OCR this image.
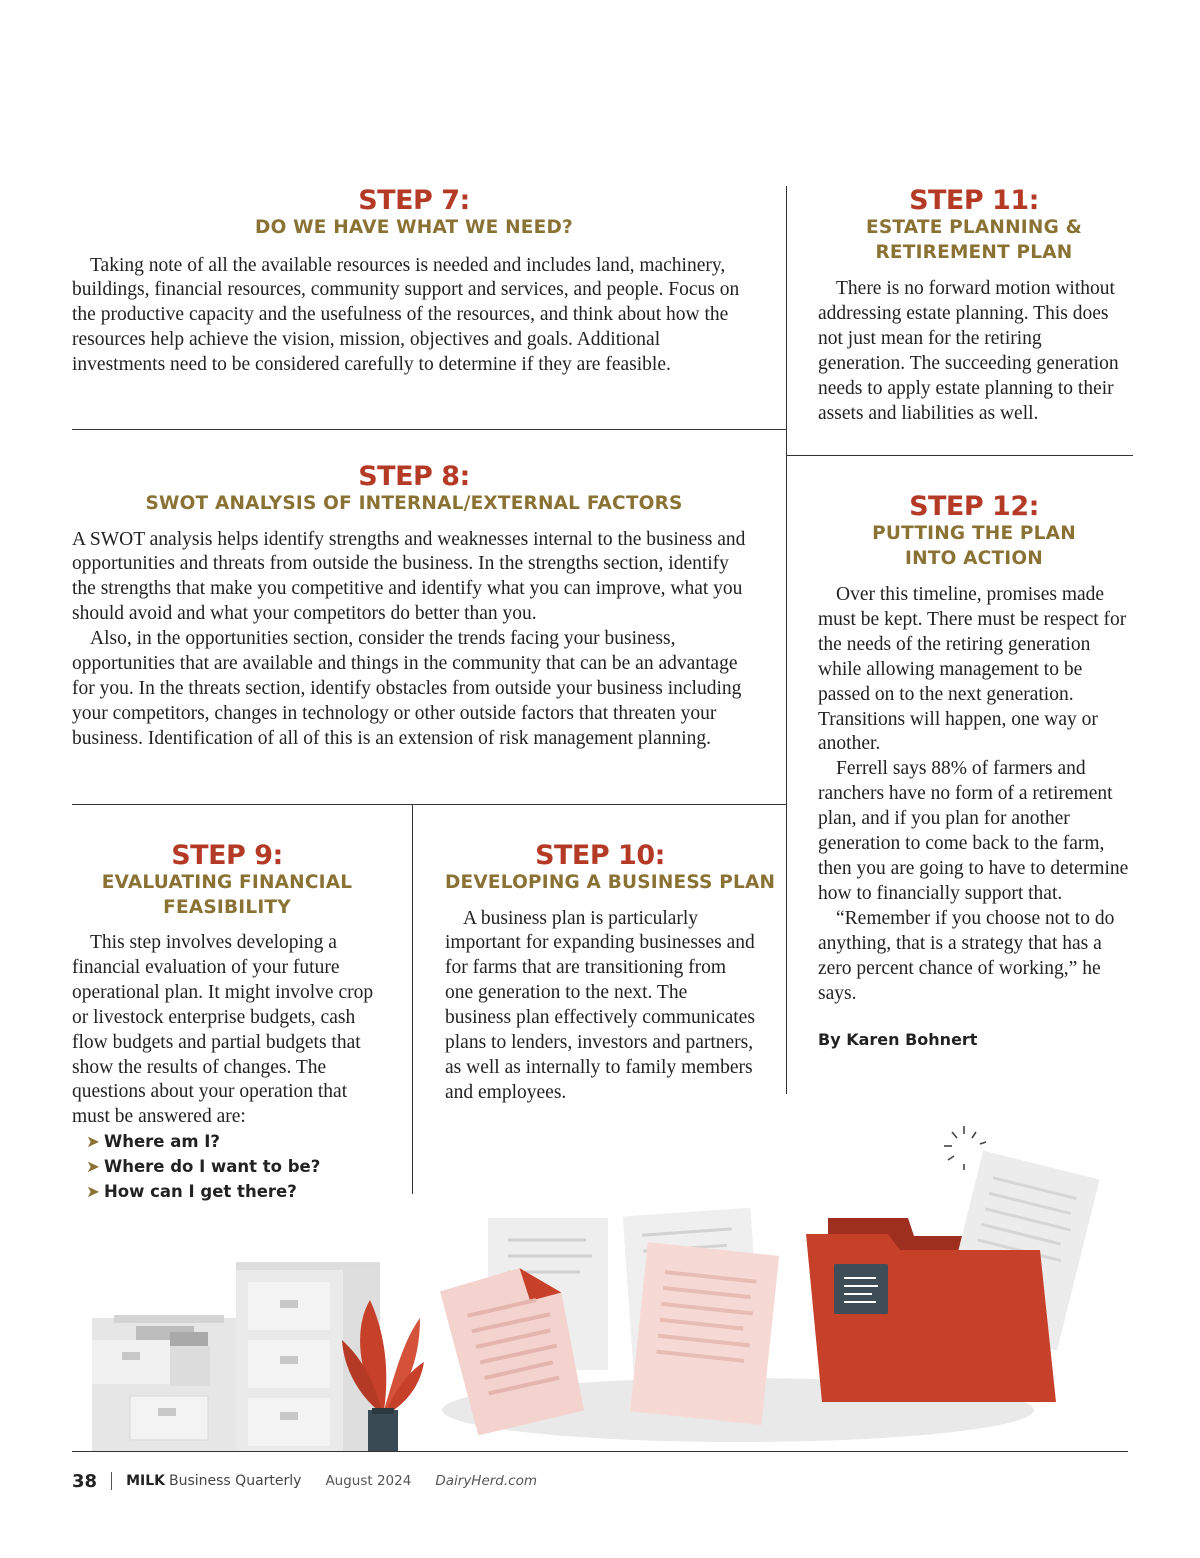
STEP 7:
DO WE HAVE WHAT WE NEED?

Taking note of all the available resources is needed and includes land, machinery, buildings, financial resources, community support and services, and people. Focus on the productive capacity and the usefulness of the resources, and think about how the resources help achieve the vision, mission, objectives and goals. Additional investments need to be considered carefully to determine if they are feasible.

STEP 8:
SWOT ANALYSIS OF INTERNAL/EXTERNAL FACTORS

A SWOT analysis helps identify strengths and weaknesses internal to the business and opportunities and threats from outside the business. In the strengths section, identify the strengths that make you competitive and identify what you can improve, what you should avoid and what your competitors do better than you.

Also, in the opportunities section, consider the trends facing your business, opportunities that are available and things in the community that can be an advantage for you. In the threats section, identify obstacles from outside your business including your competitors, changes in technology or other outside factors that threaten your business. Identification of all of this is an extension of risk management planning.

STEP 9:
EVALUATING FINANCIAL
FEASIBILITY

This step involves developing a financial evaluation of your future operational plan. It might involve crop or livestock enterprise budgets, cash flow budgets and partial budgets that show the results of changes. The questions about your operation that must be answered are:

➤ Where am I?
➤ Where do I want to be?
➤ How can I get there?
STEP 10:
DEVELOPING A BUSINESS PLAN

A business plan is particularly important for expanding businesses and for farms that are transitioning from one generation to the next. The business plan effectively communicates plans to lenders, investors and partners, as well as internally to family members and employees.

STEP 11:
ESTATE PLANNING &
RETIREMENT PLAN

There is no forward motion without addressing estate planning. This does not just mean for the retiring generation. The succeeding generation needs to apply estate planning to their assets and liabilities as well.

STEP 12:
PUTTING THE PLAN
INTO ACTION

Over this timeline, promises made must be kept. There must be respect for the needs of the retiring generation while allowing management to be passed on to the next generation. Transitions will happen, one way or another.

Ferrell says 88% of farmers and ranchers have no form of a retirement plan, and if you plan for another generation to come back to the farm, then you are going to have to determine how to financially support that.

“Remember if you choose not to do anything, that is a strategy that has a zero percent chance of working,” he says.

By Karen Bohnert
38 MILK Business Quarterly August 2024 DairyHerd.com
